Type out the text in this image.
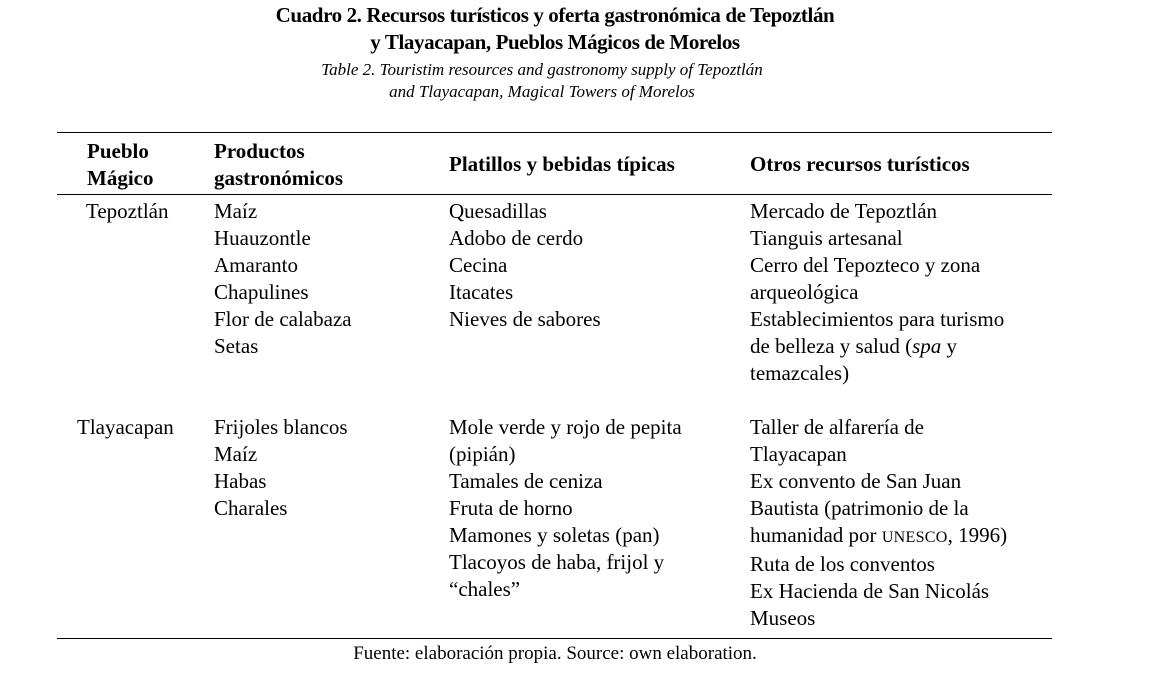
Cuadro 2. Recursos turísticos y oferta gastronómica de Tepoztlán

y Tlayacapan, Pueblos Mágicos de Morelos

Table 2. Touristim resources and gastronomy supply of Tepoztlán

and Tlayacapan, Magical Towers of Morelos

Pueblo
Mágico
Productos
gastronómicos
Platillos y bebidas típicas	Otros recursos turísticos
Tepoztlán Maíz
Huauzontle
Amaranto
Chapulines
Flor de calabaza
Setas
Quesadillas
Adobo de cerdo
Cecina
Itacates
Nieves de sabores
Mercado de Tepoztlán
Tianguis artesanal
Cerro del Tepozteco y zona
arqueológica
Establecimientos para turismo
de belleza y salud (spa y
temazcales)
Tlayacapan Frijoles blancos
Maíz
Habas
Charales
Mole verde y rojo de pepita
(pipián)
Tamales de ceniza
Fruta de horno
Mamones y soletas (pan)
Tlacoyos de haba, frijol y
“chales”
Taller de alfarería de
Tlayacapan
Ex convento de San Juan
Bautista (patrimonio de la
humanidad por UNESCO, 1996)
Ruta de los conventos
Ex Hacienda de San Nicolás
Museos

Fuente: elaboración propia. Source: own elaboration.
